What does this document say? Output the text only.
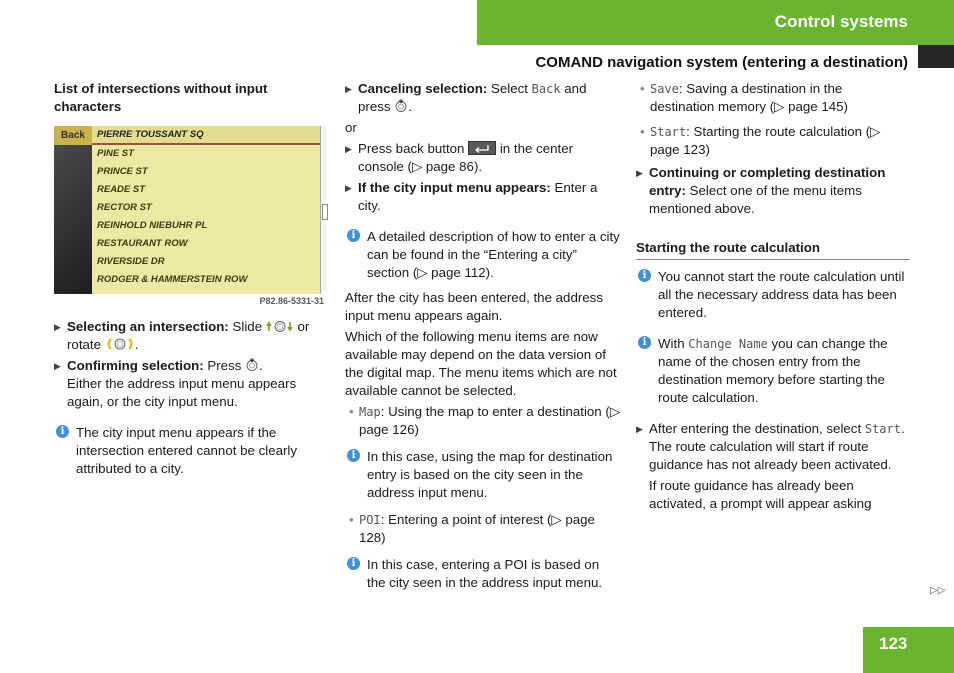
Control systems
COMAND navigation system (entering a destination)

List of intersections without input characters

Back	PIERRE TOUSSANT SQ
PINE ST
PRINCE ST
READE ST
RECTOR ST
REINHOLD NIEBUHR PL
RESTAURANT ROW
RIVERSIDE DR
RODGER & HAMMERSTEIN ROW
P82.86-5331-31
▶ Selecting an intersection: Slide  or rotate .
▶ Confirming selection: Press .

Either the address input menu appears again, or the city input menu.

i The city input menu appears if the intersection entered cannot be clearly attributed to a city.
▶ Canceling selection: Select Back and press .

or

▶ Press back button  in the center console (▷ page 86).
▶ If the city input menu appears: Enter a city.
i A detailed description of how to enter a city can be found in the “Entering a city” section (▷ page 112).

After the city has been entered, the address input menu appears again.

Which of the following menu items are now available may depend on the data version of the digital map. The menu items which are not available cannot be selected.

• Map: Using the map to enter a destination (▷ page 126)
i In this case, using the map for destination entry is based on the city seen in the address input menu.
• POI: Entering a point of interest (▷ page 128)
i In this case, entering a POI is based on the city seen in the address input menu.
• Save: Saving a destination in the destination memory (▷ page 145)
• Start: Starting the route calculation (▷ page 123)
▶ Continuing or completing destination entry: Select one of the menu items mentioned above.
Starting the route calculation
i You cannot start the route calculation until all the necessary address data has been entered.
i With Change Name you can change the name of the chosen entry from the destination memory before starting the route calculation.
▶ After entering the destination, select Start.

The route calculation will start if route guidance has not already been activated.

If route guidance has already been activated, a prompt will appear asking

▷▷
123
